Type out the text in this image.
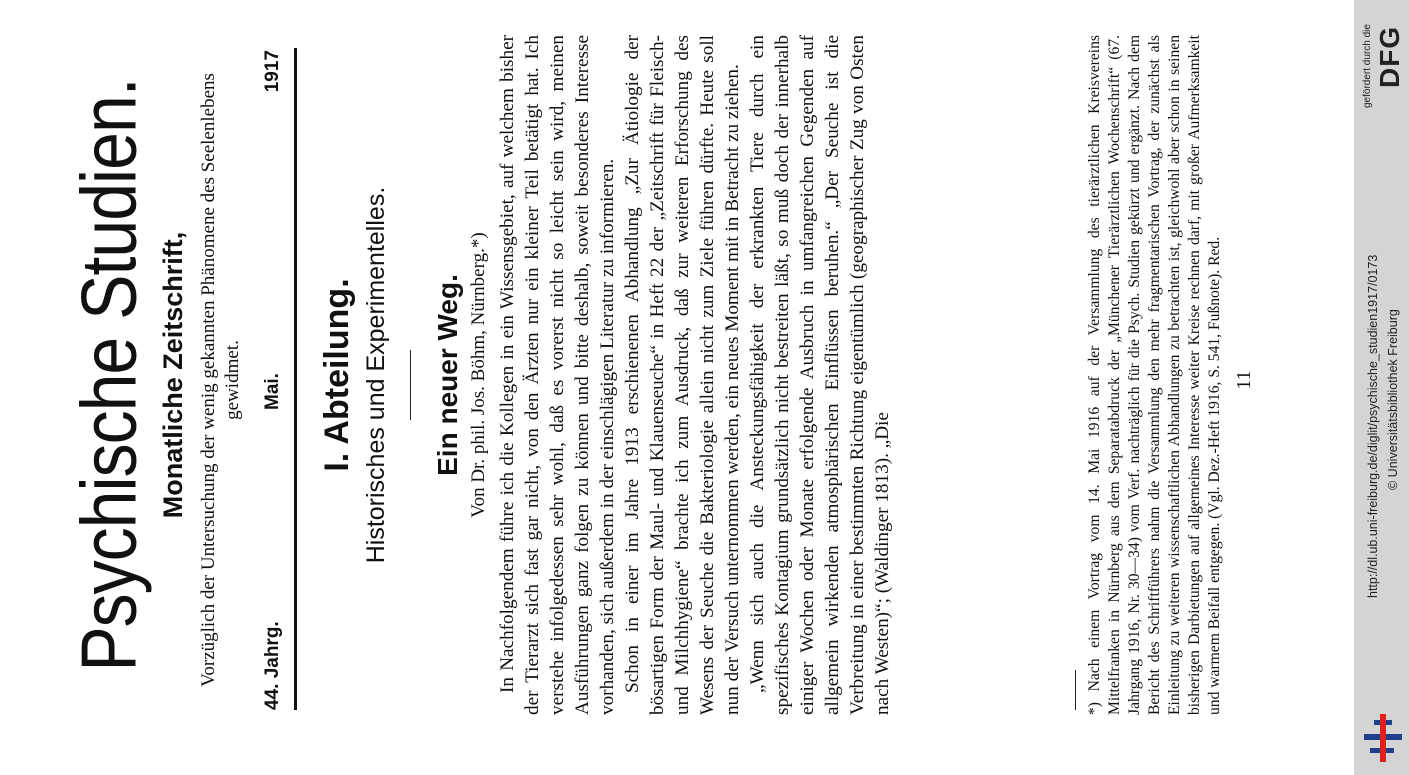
Psychische Studien. Monatliche Zeitschrift, Vorzüglich der Untersuchung der wenig gekannten Phänomene des Seelenlebens gewidmet.
44. Jahrg.
Mai.
1917
I. Abteilung. Historisches und Experimentelles. Ein neuer Weg. Von Dr. phil. Jos. Böhm, Nürnberg.*) In Nachfolgendem führe ich die Kollegen in ein Wissensgebiet, auf welchem bisher der Tierarzt sich fast gar nicht, von den Ärzten nur ein kleiner Teil betätigt hat. Ich verstehe infolgedessen sehr wohl, daß es vorerst nicht so leicht sein wird, meinen Ausführungen ganz folgen zu können und bitte deshalb, soweit besonderes Interesse vorhanden, sich außerdem in der einschlägigen Literatur zu informieren. Schon in einer im Jahre 1913 erschienenen Abhandlung „Zur Ätiologie der bösartigen Form der Maul- und Klauenseuche“ in Heft 22 der „Zeitschrift für Fleisch- und Milchhygiene“ brachte ich zum Ausdruck, daß zur weiteren Erforschung des Wesens der Seuche die Bakteriologie allein nicht zum Ziele führen dürfte. Heute soll nun der Versuch unternommen werden, ein neues Moment mit in Betracht zu ziehen. „Wenn sich auch die Ansteckungsfähigkeit der erkrankten Tiere durch ein spezifisches Kontagium grundsätzlich nicht bestreiten läßt, so muß doch der innerhalb einiger Wochen oder Monate erfolgende Ausbruch in umfangreichen Gegenden auf allgemein wirkenden atmosphärischen Einflüssen beruhen.“ „Der Seuche ist die Verbreitung in einer bestimmten Richtung eigentümlich (geographischer Zug von Osten nach Westen)“; (Waldinger 1813). „Die	*) Nach einem Vortrag vom 14. Mai 1916 auf der Versammlung des tierärztlichen Kreisvereins Mittelfranken in Nürnberg aus dem Separatabdruck der „Münchener Tierärztlichen Wochenschrift“ (67. Jahrgang 1916, Nr. 30—34) vom Verf. nachträglich für die Psych. Studien gekürzt und ergänzt. Nach dem Bericht des Schriftführers nahm die Versammlung den mehr fragmentarischen Vortrag, der zunächst als Einleitung zu weiteren wissenschaftlichen Abhandlungen zu betrachten ist, gleichwohl aber schon in seinen bisherigen Darbietungen auf allgemeines Interesse weiter Kreise rechnen darf, mit großer Aufmerksamkeit und warmem Beifall entgegen. (Vgl. Dez.-Heft 1916, S. 541, Fußnote). Red. 11
DFG
gefördert durch die
http://dl.ub.uni-freiburg.de/diglit/psychische_studien1917/0173 © Universitätsbibliothek Freiburg
